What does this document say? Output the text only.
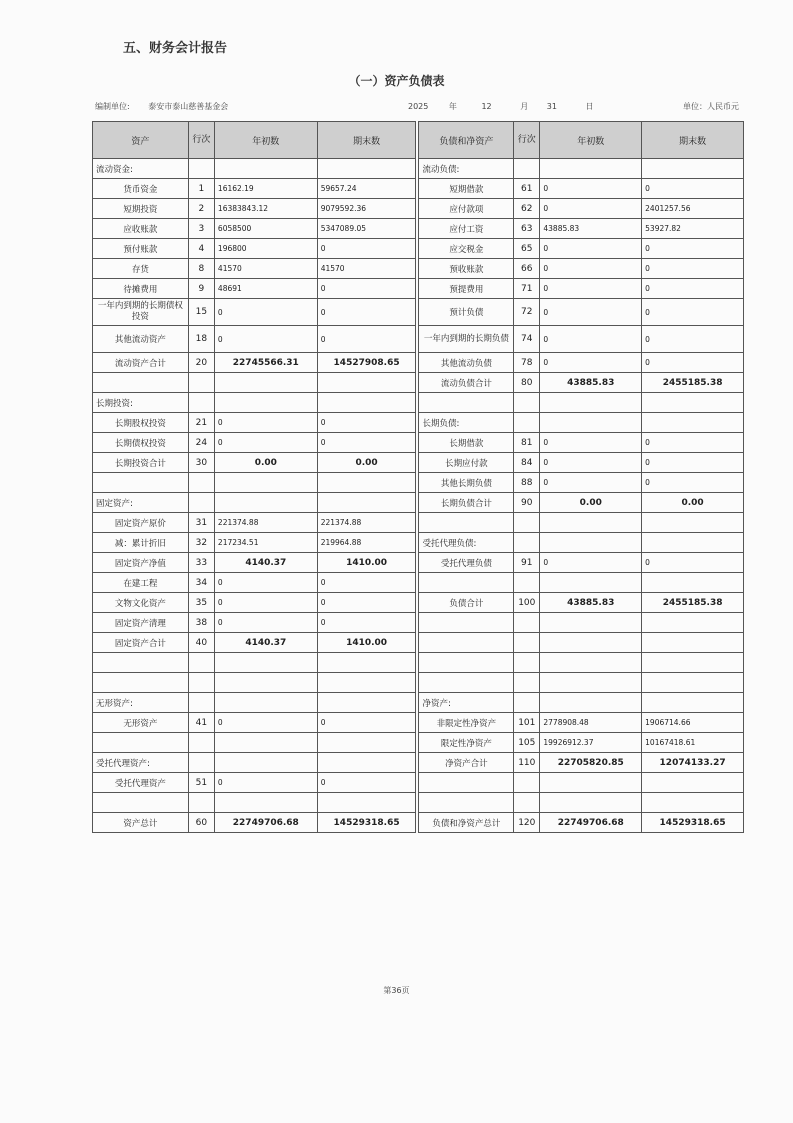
五、财务会计报告
（一）资产负债表
编制单位: 泰安市泰山慈善基金会	2025	年	12	月 31	日	单位：人民币元
资产	行次	年初数	期末数		负债和净资产	行次	年初数	期末数
流动资金:					流动负债:			
货币资金	1	16162.19	59657.24		短期借款	61	0	0
短期投资	2	16383843.12	9079592.36		应付款项	62	0	2401257.56
应收账款	3	6058500	5347089.05		应付工资	63	43885.83	53927.82
预付账款	4	196800	0		应交税金	65	0	0
存货	8	41570	41570		预收账款	66	0	0
待摊费用	9	48691	0		预提费用	71	0	0
一年内到期的长期债权投资	15	0	0		预计负债	72	0	0
其他流动资产	18	0	0		一年内到期的长期负债	74	0	0
流动资产合计	20	22745566.31	14527908.65		其他流动负债	78	0	0
					流动负债合计	80	43885.83	2455185.38
长期投资:								
长期股权投资	21	0	0		长期负债:			
长期债权投资	24	0	0		长期借款	81	0	0
长期投资合计	30	0.00	0.00		长期应付款	84	0	0
					其他长期负债	88	0	0
固定资产:					长期负债合计	90	0.00	0.00
固定资产原价	31	221374.88	221374.88					
减：累计折旧	32	217234.51	219964.88		受托代理负债:			
固定资产净值	33	4140.37	1410.00		受托代理负债	91	0	0
在建工程	34	0	0					
文物文化资产	35	0	0		负债合计	100	43885.83	2455185.38
固定资产清理	38	0	0					
固定资产合计	40	4140.37	1410.00					

无形资产:					净资产:			
无形资产	41	0	0		非限定性净资产	101	2778908.48	1906714.66
					限定性净资产	105	19926912.37	10167418.61
受托代理资产:					净资产合计	110	22705820.85	12074133.27
受托代理资产	51	0	0					

资产总计	60	22749706.68	14529318.65		负债和净资产总计	120	22749706.68	14529318.65
第36页
